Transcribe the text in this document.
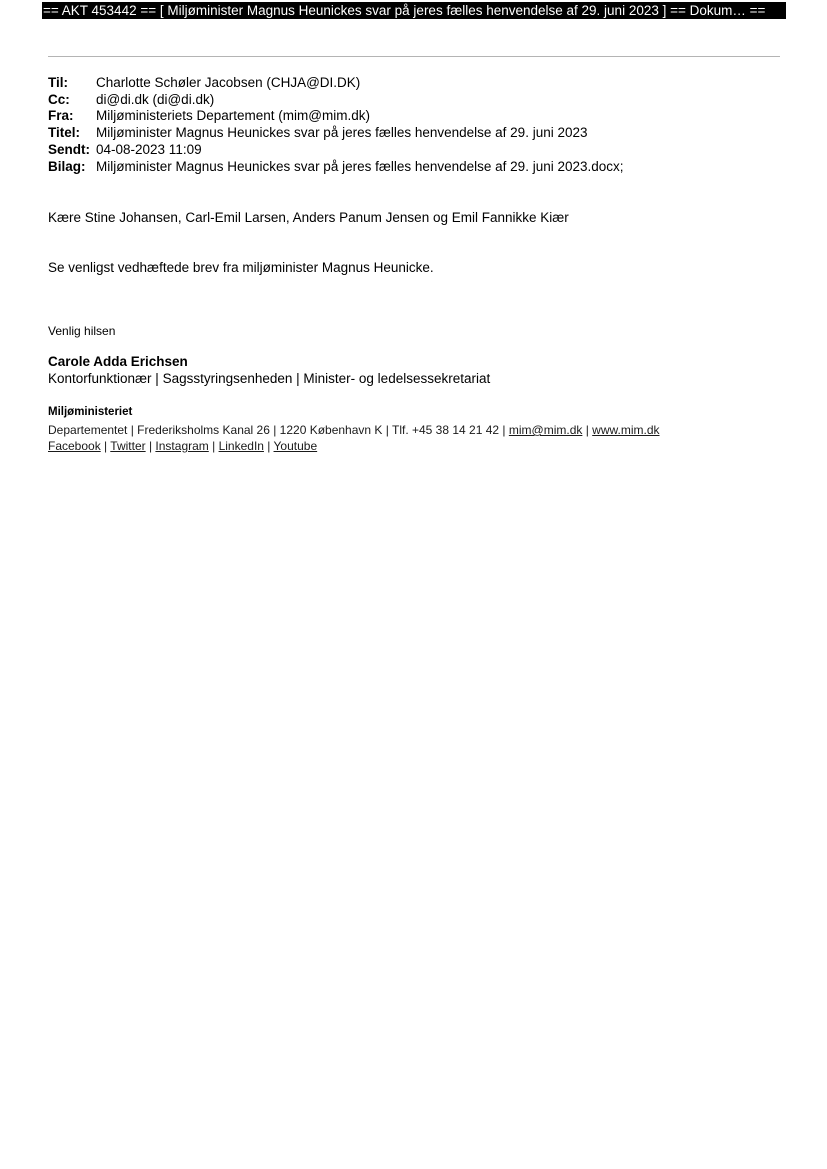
== AKT 453442 == [ Miljøminister Magnus Heunickes svar på jeres fælles henvendelse af 29. juni 2023 ] == Dokum… ==
Til:	Charlotte Schøler Jacobsen (CHJA@DI.DK)
Cc:	di@di.dk (di@di.dk)
Fra:	Miljøministeriets Departement (mim@mim.dk)
Titel:	Miljøminister Magnus Heunickes svar på jeres fælles henvendelse af 29. juni 2023
Sendt: 04-08-2023 11:09
Bilag: Miljøminister Magnus Heunickes svar på jeres fælles henvendelse af 29. juni 2023.docx;
Kære Stine Johansen, Carl-Emil Larsen, Anders Panum Jensen og Emil Fannikke Kiær
Se venligst vedhæftede brev fra miljøminister Magnus Heunicke.
Venlig hilsen
Carole Adda Erichsen
Kontorfunktionær | Sagsstyringsenheden | Minister- og ledelsessekretariat
Miljøministeriet
Departementet | Frederiksholms Kanal 26 | 1220 København K | Tlf. +45 38 14 21 42 | mim@mim.dk | www.mim.dk
Facebook | Twitter | Instagram | LinkedIn | Youtube
